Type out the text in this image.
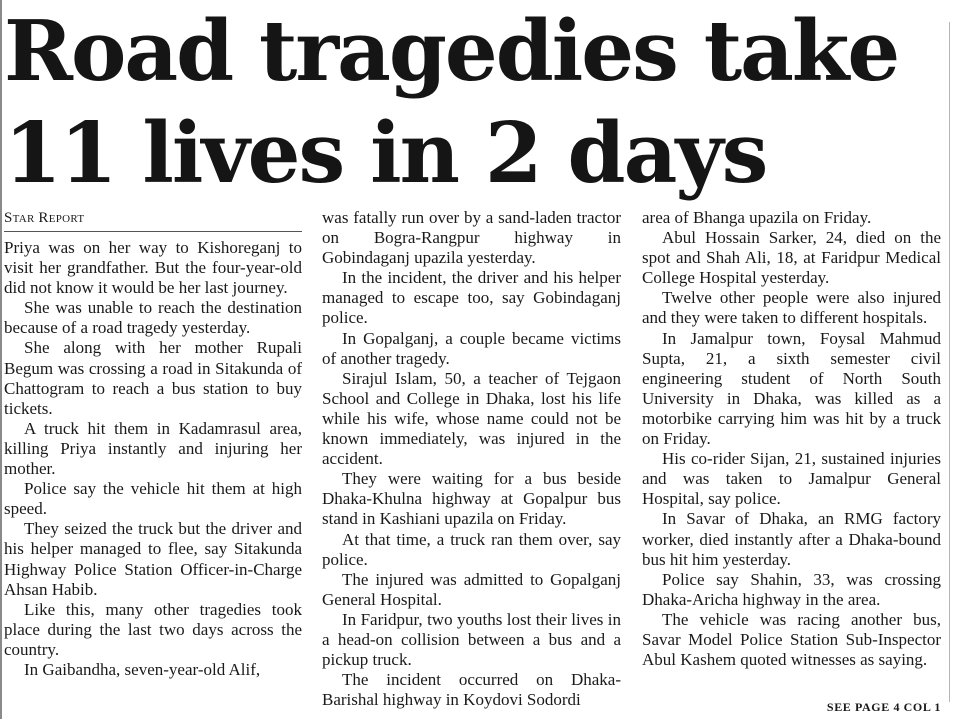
Road tragedies take 11 lives in 2 days
Star Report

Priya was on her way to Kishoreganj to visit her grandfather. But the four-year-old did not know it would be her last journey.

She was unable to reach the destination because of a road tragedy yesterday.

She along with her mother Rupali Begum was crossing a road in Sitakunda of Chattogram to reach a bus station to buy tickets.

A truck hit them in Kadamrasul area, killing Priya instantly and injuring her mother.

Police say the vehicle hit them at high speed.

They seized the truck but the driver and his helper managed to flee, say Sitakunda Highway Police Station Officer-in-Charge Ahsan Habib.

Like this, many other tragedies took place during the last two days across the country.

In Gaibandha, seven-year-old Alif,

was fatally run over by a sand-laden tractor on Bogra-Rangpur highway in Gobindaganj upazila yesterday.

In the incident, the driver and his helper managed to escape too, say Gobindaganj police.

In Gopalganj, a couple became victims of another tragedy.

Sirajul Islam, 50, a teacher of Tejgaon School and College in Dhaka, lost his life while his wife, whose name could not be known immediately, was injured in the accident.

They were waiting for a bus beside Dhaka-Khulna highway at Gopalpur bus stand in Kashiani upazila on Friday.

At that time, a truck ran them over, say police.

The injured was admitted to Gopalganj General Hospital.

In Faridpur, two youths lost their lives in a head-on collision between a bus and a pickup truck.

The incident occurred on Dhaka-Barishal highway in Koydovi Sodordi

area of Bhanga upazila on Friday.

Abul Hossain Sarker, 24, died on the spot and Shah Ali, 18, at Faridpur Medical College Hospital yesterday.

Twelve other people were also injured and they were taken to different hospitals.

In Jamalpur town, Foysal Mahmud Supta, 21, a sixth semester civil engineering student of North South University in Dhaka, was killed as a motorbike carrying him was hit by a truck on Friday.

His co-rider Sijan, 21, sustained injuries and was taken to Jamalpur General Hospital, say police.

In Savar of Dhaka, an RMG factory worker, died instantly after a Dhaka-bound bus hit him yesterday.

Police say Shahin, 33, was crossing Dhaka-Aricha highway in the area.

The vehicle was racing another bus, Savar Model Police Station Sub-Inspector Abul Kashem quoted witnesses as saying.

SEE PAGE 4 COL 1
